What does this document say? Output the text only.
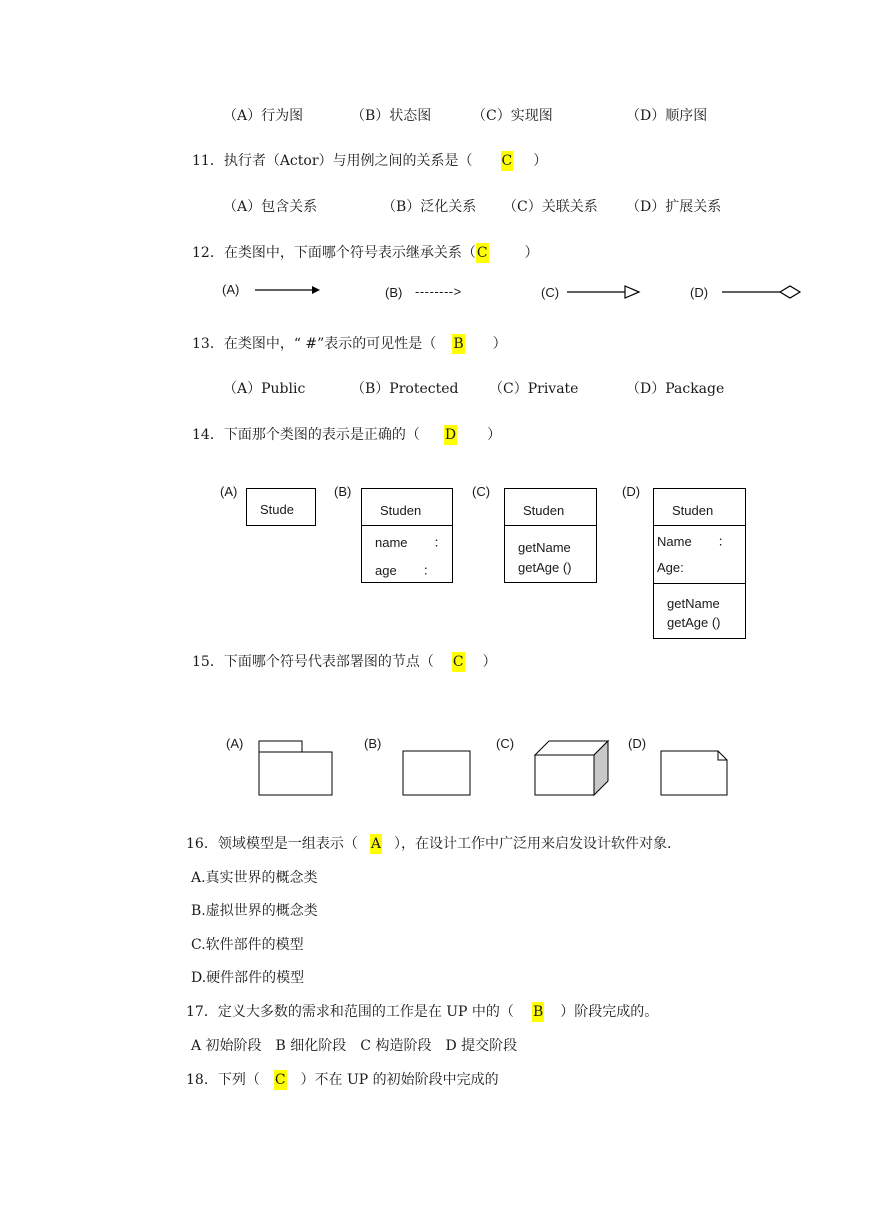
（A）行为图	（B）状态图	（C）实现图	（D）顺序图
11．执行者（Actor）与用例之间的关系是（ C ）
（A）包含关系	（B）泛化关系 （C）关联关系 （D）扩展关系
12．在类图中，下面哪个符号表示继承关系（C	）
(A)	(B) -------->	(C)	(D)
13．在类图中，“ #”表示的可见性是（ B ）
（A）Public	（B）Protected （C）Private	（D）Package
14．下面那个类图的表示是正确的（ D ）
(A)
Stude
(B)
Studen
name　　：
age　　：
(C)
Studen
getName
getAge ()
(D)
Studen
Name　　：
Age:
getName
getAge ()
15．下面哪个符号代表部署图的节点（ C ）
(A)	(B)	(C)	(D)
16．领域模型是一组表示（ A ），在设计工作中广泛用来启发设计软件对象.
A.真实世界的概念类
B.虚拟世界的概念类
C.软件部件的模型
D.硬件部件的模型
17．定义大多数的需求和范围的工作是在 UP 中的（ B ）阶段完成的。
A 初始阶段　B 细化阶段　C 构造阶段　D 提交阶段
18．下列（ C ）不在 UP 的初始阶段中完成的
